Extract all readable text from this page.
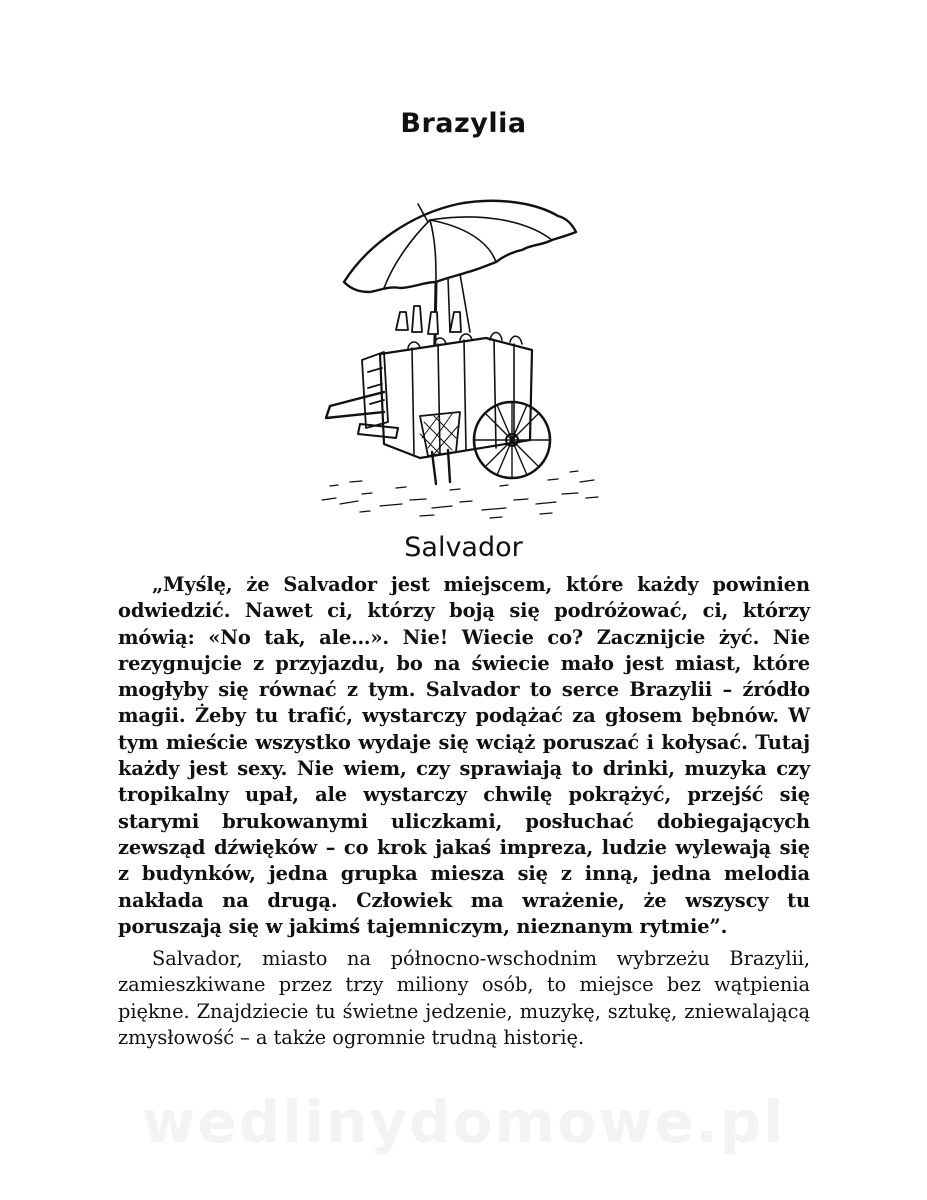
Brazylia
Salvador

„Myślę, że Salvador jest miejscem, które każdy powinien odwiedzić. Nawet ci, którzy boją się podróżować, ci, którzy mówią: «No tak, ale…». Nie! Wiecie co? Zacznijcie żyć. Nie rezygnujcie z przyjazdu, bo na świecie mało jest miast, które mogłyby się równać z tym. Salvador to serce Brazylii – źródło magii. Żeby tu trafić, wystarczy podążać za głosem bębnów. W tym mieście wszystko wydaje się wciąż poruszać i kołysać. Tutaj każdy jest sexy. Nie wiem, czy sprawiają to drinki, muzyka czy tropikalny upał, ale wystarczy chwilę pokrążyć, przejść się starymi brukowanymi uliczkami, posłuchać dobiegających zewsząd dźwięków – co krok jakaś impreza, ludzie wylewają się z budynków, jedna grupka miesza się z inną, jedna melodia nakłada na drugą. Człowiek ma wrażenie, że wszyscy tu poruszają się w jakimś tajemniczym, nieznanym rytmie”.

Salvador, miasto na północno-wschodnim wybrzeżu Brazylii, zamieszkiwane przez trzy miliony osób, to miejsce bez wątpienia piękne. Znajdziecie tu świetne jedzenie, muzykę, sztukę, zniewalającą zmysłowość – a także ogromnie trudną historię.

wedlinydomowe.pl
